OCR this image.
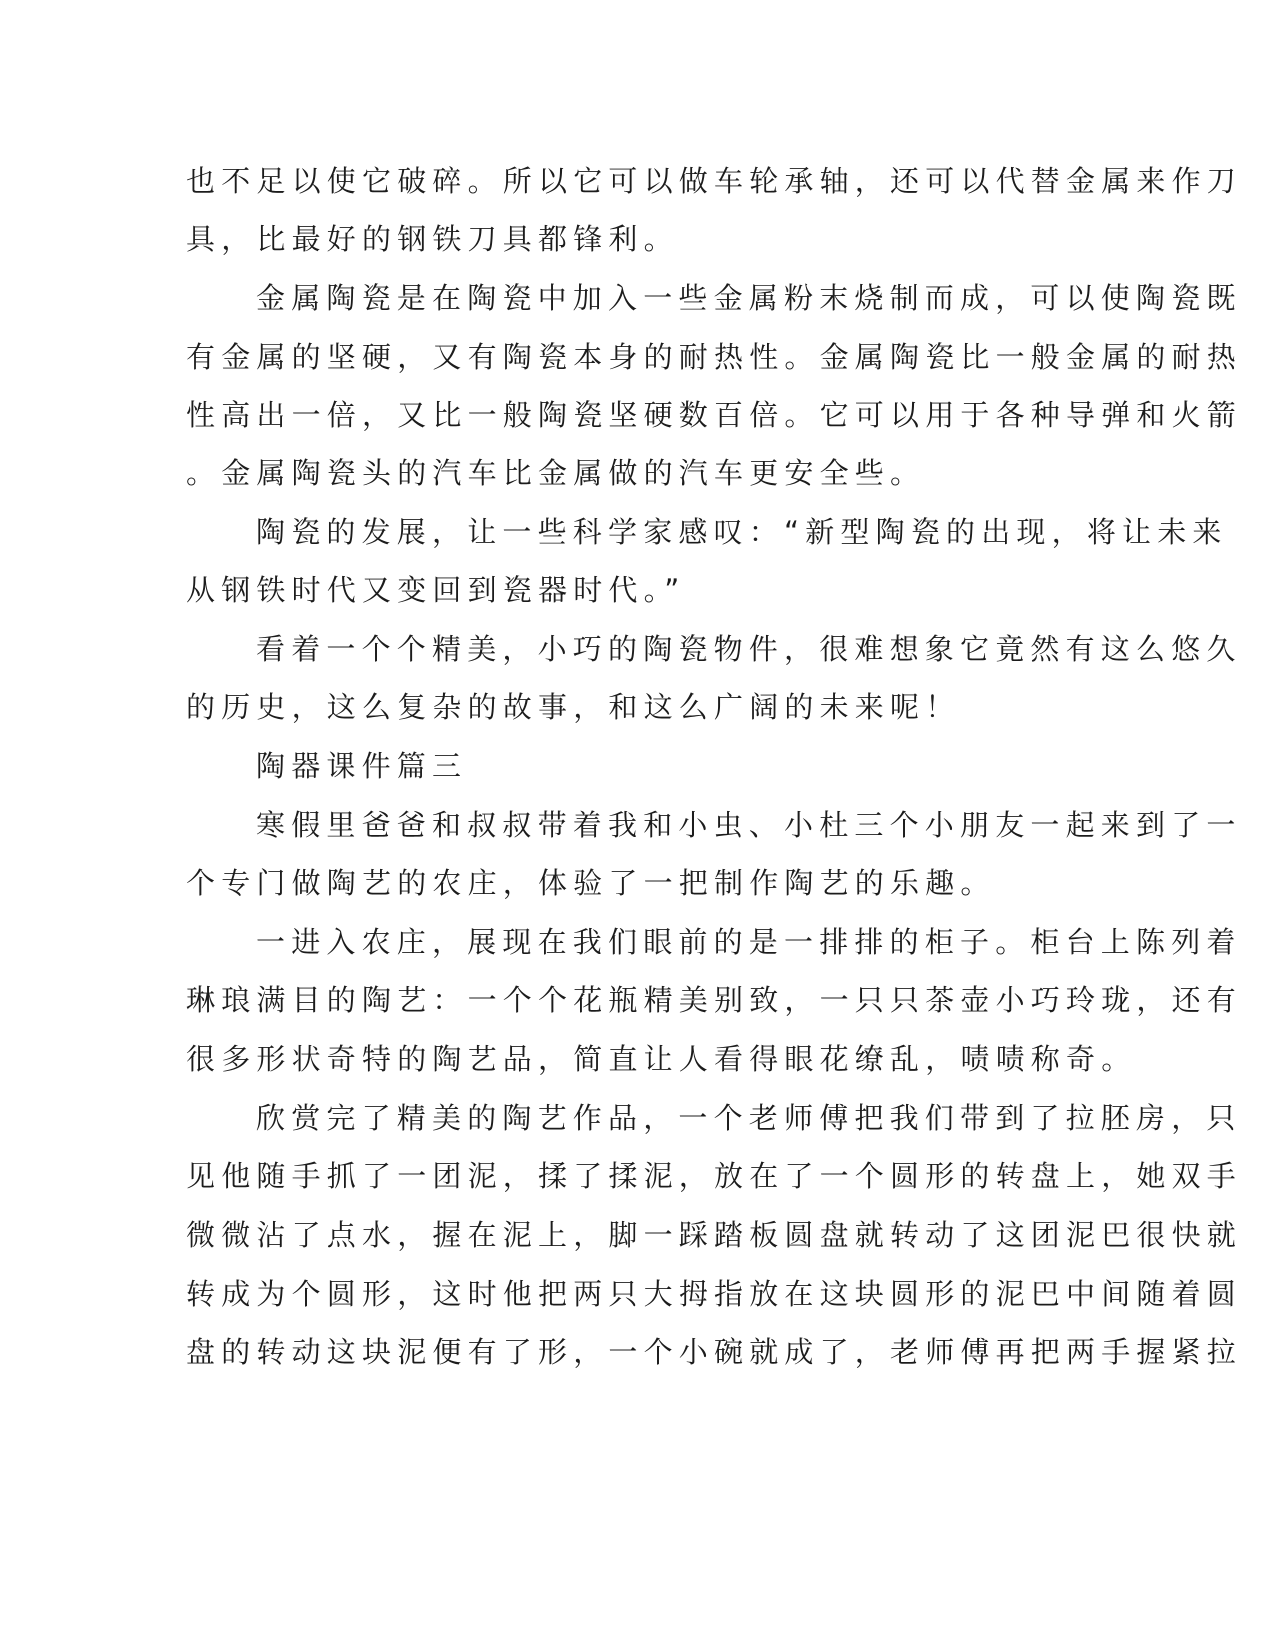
也不足以使它破碎。所以它可以做车轮承轴，还可以代替金属来作刀
具，比最好的钢铁刀具都锋利。
金属陶瓷是在陶瓷中加入一些金属粉末烧制而成，可以使陶瓷既
有金属的坚硬，又有陶瓷本身的耐热性。金属陶瓷比一般金属的耐热
性高出一倍，又比一般陶瓷坚硬数百倍。它可以用于各种导弹和火箭
。金属陶瓷头的汽车比金属做的汽车更安全些。
陶瓷的发展，让一些科学家感叹：“新型陶瓷的出现，将让未来
从钢铁时代又变回到瓷器时代。”
看着一个个精美，小巧的陶瓷物件，很难想象它竟然有这么悠久
的历史，这么复杂的故事，和这么广阔的未来呢！
陶器课件篇三
寒假里爸爸和叔叔带着我和小虫、小杜三个小朋友一起来到了一
个专门做陶艺的农庄，体验了一把制作陶艺的乐趣。
一进入农庄，展现在我们眼前的是一排排的柜子。柜台上陈列着
琳琅满目的陶艺：一个个花瓶精美别致，一只只茶壶小巧玲珑，还有
很多形状奇特的陶艺品，简直让人看得眼花缭乱，啧啧称奇。
欣赏完了精美的陶艺作品，一个老师傅把我们带到了拉胚房，只
见他随手抓了一团泥，揉了揉泥，放在了一个圆形的转盘上，她双手
微微沾了点水，握在泥上，脚一踩踏板圆盘就转动了这团泥巴很快就
转成为个圆形，这时他把两只大拇指放在这块圆形的泥巴中间随着圆
盘的转动这块泥便有了形，一个小碗就成了，老师傅再把两手握紧拉
